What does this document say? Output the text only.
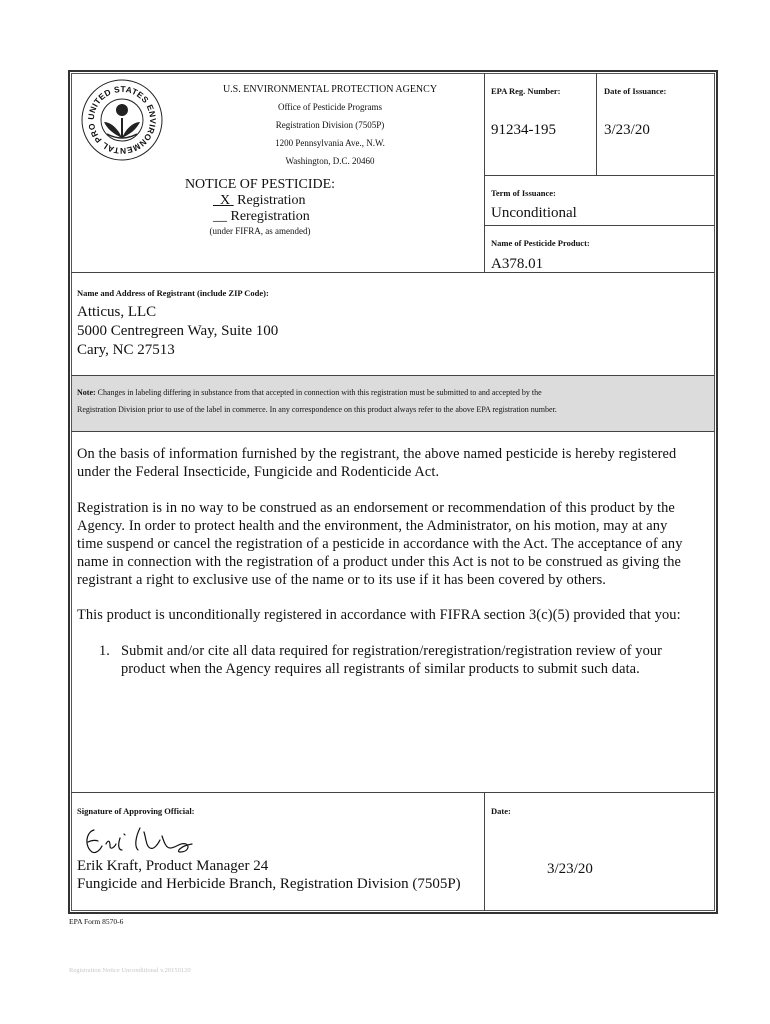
UNITED STATES ENVIRONMENTAL PRO
U.S. ENVIRONMENTAL PROTECTION AGENCY
Office of Pesticide Programs
Registration Division (7505P)
1200 Pennsylvania Ave., N.W.
Washington, D.C. 20460
NOTICE OF PESTICIDE:
X Registration
__ Reregistration
(under FIFRA, as amended)
EPA Reg. Number:
91234-195
Date of Issuance:
3/23/20
Term of Issuance:
Unconditional
Name of Pesticide Product:
A378.01
Name and Address of Registrant (include ZIP Code):
Atticus, LLC
5000 Centregreen Way, Suite 100
Cary, NC 27513
Note: Changes in labeling differing in substance from that accepted in connection with this registration must be submitted to and accepted by the
Registration Division prior to use of the label in commerce. In any correspondence on this product always refer to the above EPA registration number.
On the basis of information furnished by the registrant, the above named pesticide is hereby registered
under the Federal Insecticide, Fungicide and Rodenticide Act.
Registration is in no way to be construed as an endorsement or recommendation of this product by the
Agency. In order to protect health and the environment, the Administrator, on his motion, may at any
time suspend or cancel the registration of a pesticide in accordance with the Act. The acceptance of any
name in connection with the registration of a product under this Act is not to be construed as giving the
registrant a right to exclusive use of the name or to its use if it has been covered by others.
This product is unconditionally registered in accordance with FIFRA section 3(c)(5) provided that you:
1. Submit and/or cite all data required for registration/reregistration/registration review of your
product when the Agency requires all registrants of similar products to submit such data.
Signature of Approving Official:
Erik Kraft, Product Manager 24
Fungicide and Herbicide Branch, Registration Division (7505P)
Date:
3/23/20
EPA Form 8570-6
Registration Notice Unconditional v.20150120
